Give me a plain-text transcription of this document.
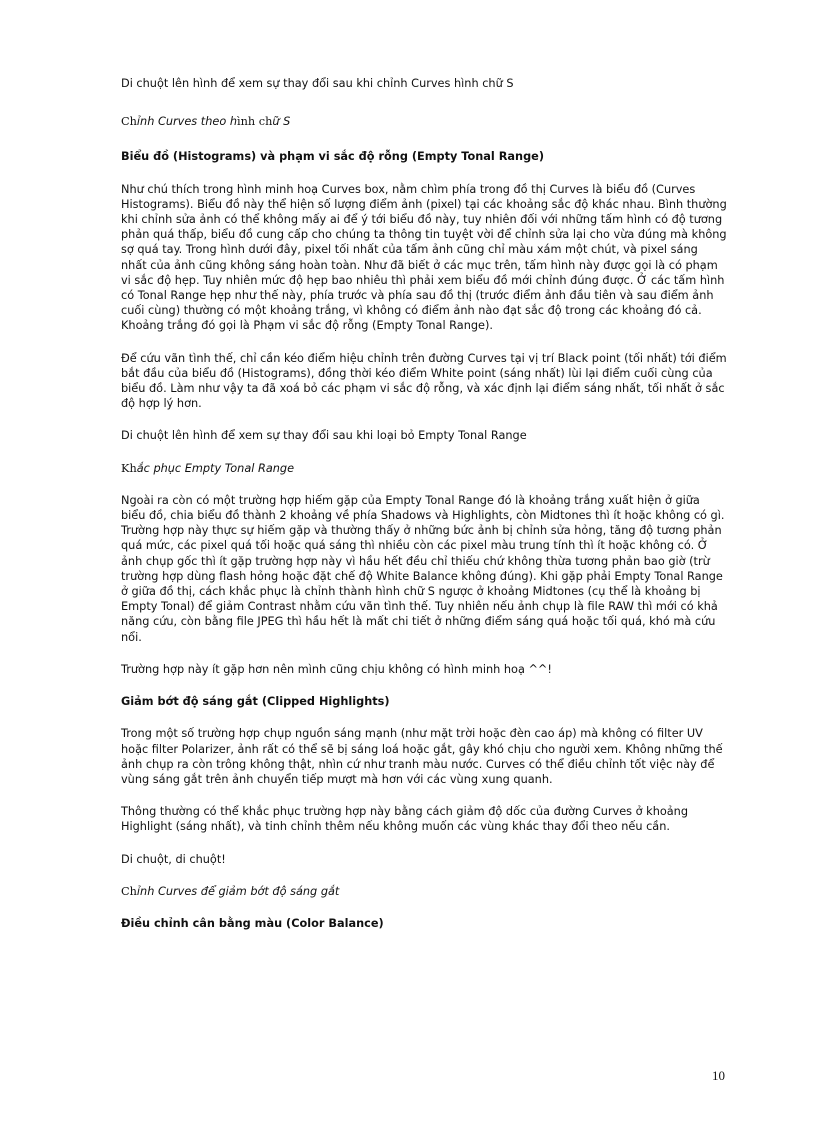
Di chuột lên hình để xem sự thay đổi sau khi chỉnh Curves hình chữ S

Chỉnh Curves theo hình chữ S

Biểu đồ (Histograms) và phạm vi sắc độ rỗng (Empty Tonal Range)

Như chú thích trong hình minh hoạ Curves box, nằm chìm phía trong đồ thị Curves là biểu đồ (Curves Histograms). Biểu đồ này thể hiện số lượng điểm ảnh (pixel) tại các khoảng sắc độ khác nhau. Bình thường khi chỉnh sửa ảnh có thể không mấy ai để ý tới biểu đồ này, tuy nhiên đối với những tấm hình có độ tương phản quá thấp, biểu đồ cung cấp cho chúng ta thông tin tuyệt vời để chỉnh sửa lại cho vừa đúng mà không sợ quá tay. Trong hình dưới đây, pixel tối nhất của tấm ảnh cũng chỉ màu xám một chút, và pixel sáng nhất của ảnh cũng không sáng hoàn toàn. Như đã biết ở các mục trên, tấm hình này được gọi là có phạm vi sắc độ hẹp. Tuy nhiên mức độ hẹp bao nhiêu thì phải xem biểu đồ mới chỉnh đúng được. Ở các tấm hình có Tonal Range hẹp như thế này, phía trước và phía sau đồ thị (trước điểm ảnh đầu tiên và sau điểm ảnh cuối cùng) thường có một khoảng trắng, vì không có điểm ảnh nào đạt sắc độ trong các khoảng đó cả. Khoảng trắng đó gọi là Phạm vi sắc độ rỗng (Empty Tonal Range).

Để cứu vãn tình thế, chỉ cần kéo điểm hiệu chỉnh trên đường Curves tại vị trí Black point (tối nhất) tới điểm bắt đầu của biểu đồ (Histograms), đồng thời kéo điểm White point (sáng nhất) lùi lại điểm cuối cùng của biểu đồ. Làm như vậy ta đã xoá bỏ các phạm vi sắc độ rỗng, và xác định lại điểm sáng nhất, tối nhất ở sắc độ hợp lý hơn.

Di chuột lên hình để xem sự thay đổi sau khi loại bỏ Empty Tonal Range

Khắc phục Empty Tonal Range

Ngoài ra còn có một trường hợp hiếm gặp của Empty Tonal Range đó là khoảng trắng xuất hiện ở giữa biểu đồ, chia biểu đồ thành 2 khoảng về phía Shadows và Highlights, còn Midtones thì ít hoặc không có gì. Trường hợp này thực sự hiếm gặp và thường thấy ở những bức ảnh bị chỉnh sửa hỏng, tăng độ tương phản quá mức, các pixel quá tối hoặc quá sáng thì nhiều còn các pixel màu trung tính thì ít hoặc không có. Ở ảnh chụp gốc thì ít gặp trường hợp này vì hầu hết đều chỉ thiếu chứ không thừa tương phản bao giờ (trừ trường hợp dùng flash hỏng hoặc đặt chế độ White Balance không đúng). Khi gặp phải Empty Tonal Range ở giữa đồ thị, cách khắc phục là chỉnh thành hình chữ S ngược ở khoảng Midtones (cụ thể là khoảng bị Empty Tonal) để giảm Contrast nhằm cứu vãn tình thế. Tuy nhiên nếu ảnh chụp là file RAW thì mới có khả năng cứu, còn bằng file JPEG thì hầu hết là mất chi tiết ở những điểm sáng quá hoặc tối quá, khó mà cứu nổi.

Trường hợp này ít gặp hơn nên mình cũng chịu không có hình minh hoạ ^^!

Giảm bớt độ sáng gắt (Clipped Highlights)

Trong một số trường hợp chụp nguồn sáng mạnh (như mặt trời hoặc đèn cao áp) mà không có filter UV hoặc filter Polarizer, ảnh rất có thể sẽ bị sáng loá hoặc gắt, gây khó chịu cho người xem. Không những thế ảnh chụp ra còn trông không thật, nhìn cứ như tranh màu nước. Curves có thể điều chỉnh tốt việc này để vùng sáng gắt trên ảnh chuyển tiếp mượt mà hơn với các vùng xung quanh.

Thông thường có thể khắc phục trường hợp này bằng cách giảm độ dốc của đường Curves ở khoảng Highlight (sáng nhất), và tinh chỉnh thêm nếu không muốn các vùng khác thay đổi theo nếu cần.

Di chuột, di chuột!

Chỉnh Curves để giảm bớt độ sáng gắt

Điều chỉnh cân bằng màu (Color Balance)

10
